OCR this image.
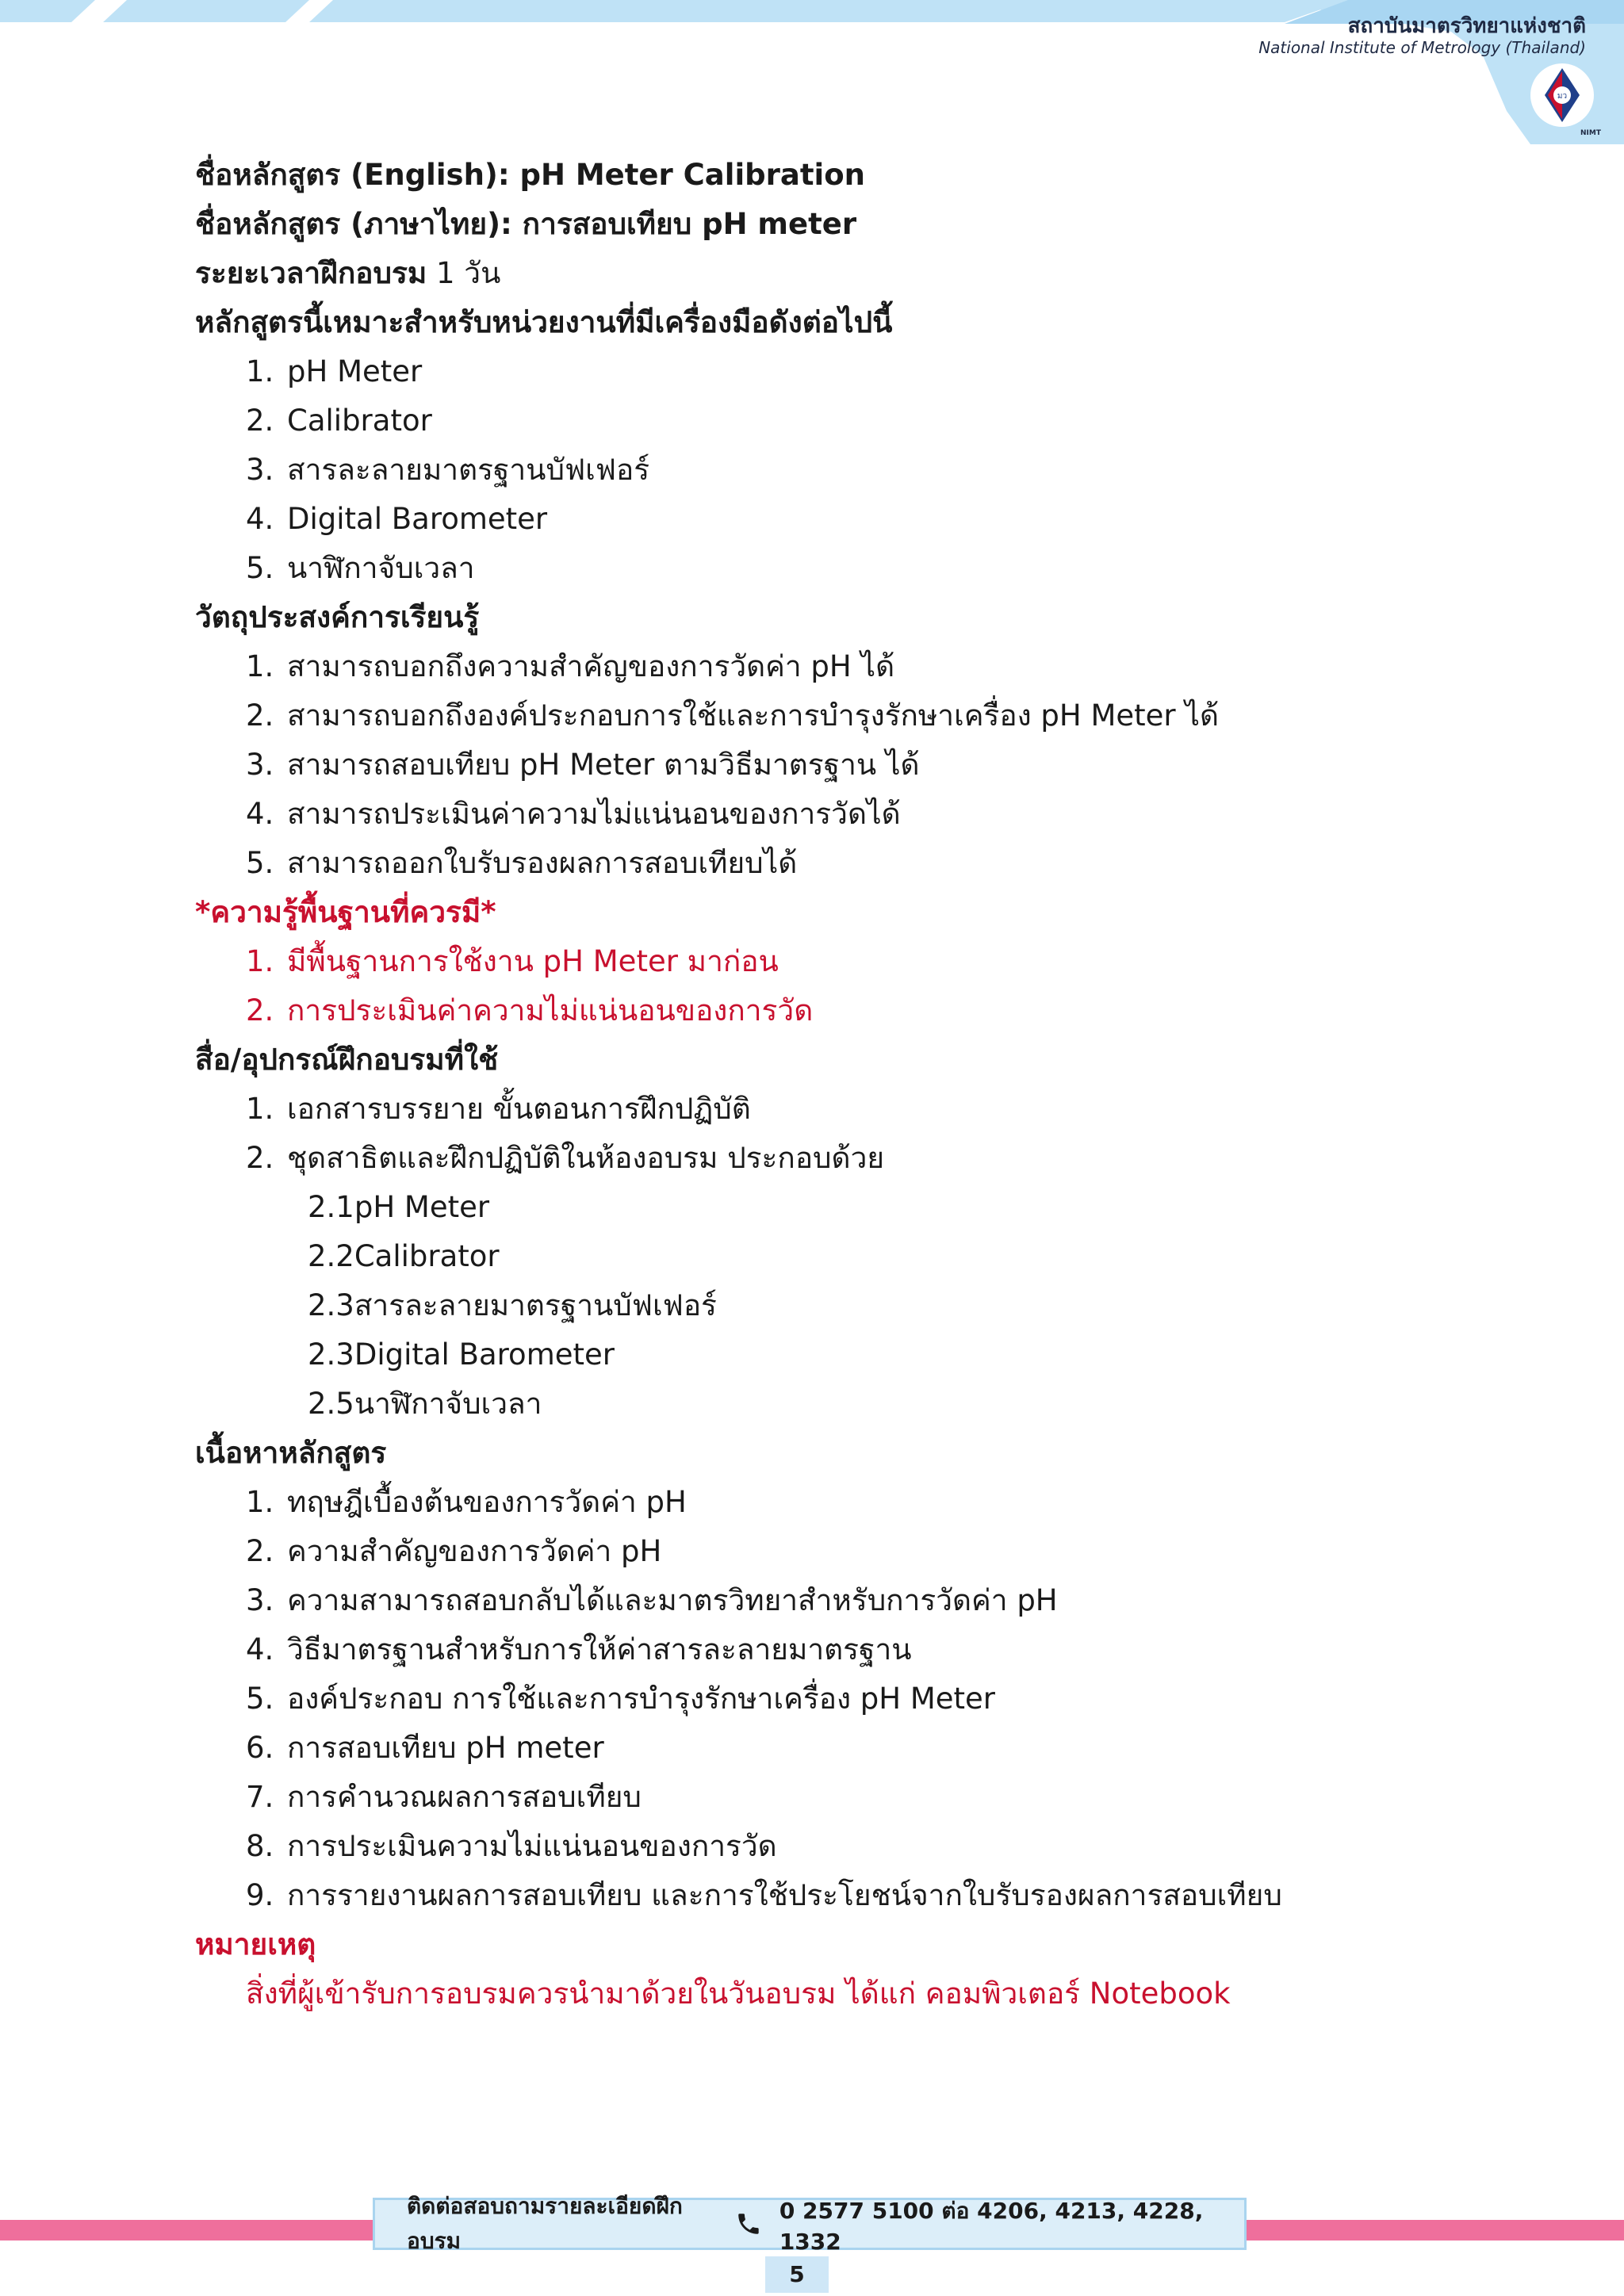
สถาบันมาตรวิทยาแห่งชาติ
National Institute of Metrology (Thailand)
มว
NIMT
ชื่อหลักสูตร (English): pH Meter Calibration
ชื่อหลักสูตร (ภาษาไทย): การสอบเทียบ pH meter
ระยะเวลาฝึกอบรม 1 วัน
หลักสูตรนี้เหมาะสำหรับหน่วยงานที่มีเครื่องมือดังต่อไปนี้
1. pH Meter
2. Calibrator
3. สารละลายมาตรฐานบัฟเฟอร์
4. Digital Barometer
5. นาฬิกาจับเวลา
วัตถุประสงค์การเรียนรู้
1. สามารถบอกถึงความสำคัญของการวัดค่า pH ได้
2. สามารถบอกถึงองค์ประกอบการใช้และการบำรุงรักษาเครื่อง pH Meter ได้
3. สามารถสอบเทียบ pH Meter ตามวิธีมาตรฐาน ได้
4. สามารถประเมินค่าความไม่แน่นอนของการวัดได้
5. สามารถออกใบรับรองผลการสอบเทียบได้
*ความรู้พื้นฐานที่ควรมี*
1. มีพื้นฐานการใช้งาน pH Meter มาก่อน
2. การประเมินค่าความไม่แน่นอนของการวัด
สื่อ/อุปกรณ์ฝึกอบรมที่ใช้
1. เอกสารบรรยาย ขั้นตอนการฝึกปฏิบัติ
2. ชุดสาธิตและฝึกปฏิบัติในห้องอบรม ประกอบด้วย
2.1pH Meter
2.2Calibrator
2.3สารละลายมาตรฐานบัฟเฟอร์
2.3Digital Barometer
2.5นาฬิกาจับเวลา
เนื้อหาหลักสูตร
1. ทฤษฎีเบื้องต้นของการวัดค่า pH
2. ความสำคัญของการวัดค่า pH
3. ความสามารถสอบกลับได้และมาตรวิทยาสำหรับการวัดค่า pH
4. วิธีมาตรฐานสำหรับการให้ค่าสารละลายมาตรฐาน
5. องค์ประกอบ การใช้และการบำรุงรักษาเครื่อง pH Meter
6. การสอบเทียบ pH meter
7. การคำนวณผลการสอบเทียบ
8. การประเมินความไม่แน่นอนของการวัด
9. การรายงานผลการสอบเทียบ และการใช้ประโยชน์จากใบรับรองผลการสอบเทียบ
หมายเหตุ
สิ่งที่ผู้เข้ารับการอบรมควรนำมาด้วยในวันอบรม ได้แก่ คอมพิวเตอร์ Notebook
ติดต่อสอบถามรายละเอียดฝึกอบรม
0 2577 5100 ต่อ 4206, 4213, 4228, 1332
5
